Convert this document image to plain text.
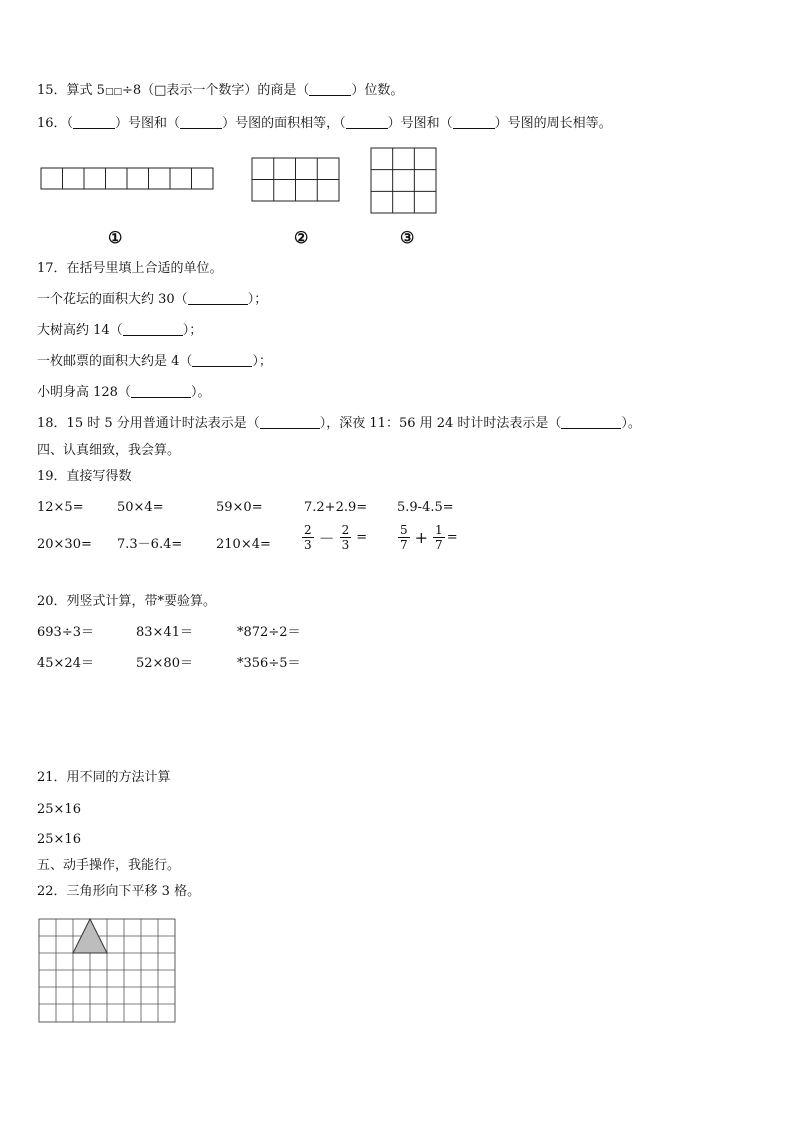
15．算式 5□□÷8（□表示一个数字）的商是（	）位数。
16．（	）号图和（	）号图的面积相等，（	）号图和（	）号图的周长相等。
①	②	③
17．在括号里填上合适的单位。
一个花坛的面积大约 30（	）；
大树高约 14（	）；
一枚邮票的面积大约是 4（	）；
小明身高 128（	）。
18．15 时 5 分用普通计时法表示是（	），深夜 11：56 用 24 时计时法表示是（	）。
四、认真细致，我会算。
19．直接写得数
12×5=	50×4=	59×0=	7.2+2.9= 5.9-4.5=
20×30= 7.3－6.4=	210×4=	$\frac{2}{3} - \frac{2}{3}$ =	$\frac{5}{7} + \frac{1}{7}$ =
20．列竖式计算，带*要验算。
693÷3＝	83×41＝	*872÷2＝
45×24＝	52×80＝	*356÷5＝
21．用不同的方法计算
25×16
25×16
五、动手操作，我能行。
22．三角形向下平移 3 格。
